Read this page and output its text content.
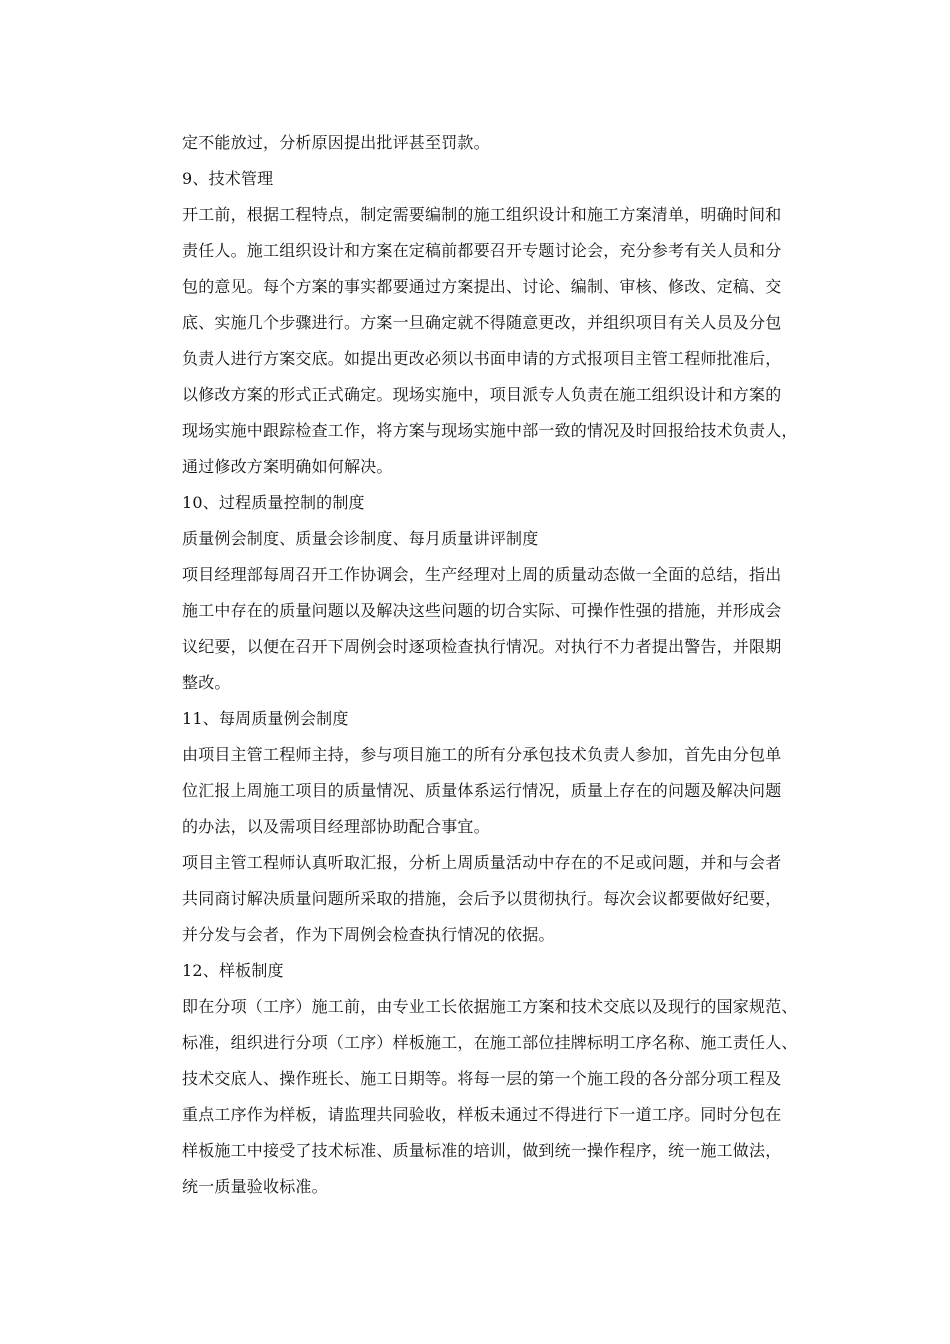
定不能放过，分析原因提出批评甚至罚款。
9、技术管理
开工前，根据工程特点，制定需要编制的施工组织设计和施工方案清单，明确时间和
责任人。施工组织设计和方案在定稿前都要召开专题讨论会，充分参考有关人员和分
包的意见。每个方案的事实都要通过方案提出、讨论、编制、审核、修改、定稿、交
底、实施几个步骤进行。方案一旦确定就不得随意更改，并组织项目有关人员及分包
负责人进行方案交底。如提出更改必须以书面申请的方式报项目主管工程师批准后，
以修改方案的形式正式确定。现场实施中，项目派专人负责在施工组织设计和方案的
现场实施中跟踪检查工作，将方案与现场实施中部一致的情况及时回报给技术负责人，
通过修改方案明确如何解决。
10、过程质量控制的制度
质量例会制度、质量会诊制度、每月质量讲评制度
项目经理部每周召开工作协调会，生产经理对上周的质量动态做一全面的总结，指出
施工中存在的质量问题以及解决这些问题的切合实际、可操作性强的措施，并形成会
议纪要，以便在召开下周例会时逐项检查执行情况。对执行不力者提出警告，并限期
整改。
11、每周质量例会制度
由项目主管工程师主持，参与项目施工的所有分承包技术负责人参加，首先由分包单
位汇报上周施工项目的质量情况、质量体系运行情况，质量上存在的问题及解决问题
的办法，以及需项目经理部协助配合事宜。
项目主管工程师认真听取汇报，分析上周质量活动中存在的不足或问题，并和与会者
共同商讨解决质量问题所采取的措施，会后予以贯彻执行。每次会议都要做好纪要，
并分发与会者，作为下周例会检查执行情况的依据。
12、样板制度
即在分项（工序）施工前，由专业工长依据施工方案和技术交底以及现行的国家规范、
标准，组织进行分项（工序）样板施工，在施工部位挂牌标明工序名称、施工责任人、
技术交底人、操作班长、施工日期等。将每一层的第一个施工段的各分部分项工程及
重点工序作为样板，请监理共同验收，样板未通过不得进行下一道工序。同时分包在
样板施工中接受了技术标准、质量标准的培训，做到统一操作程序，统一施工做法，
统一质量验收标准。
